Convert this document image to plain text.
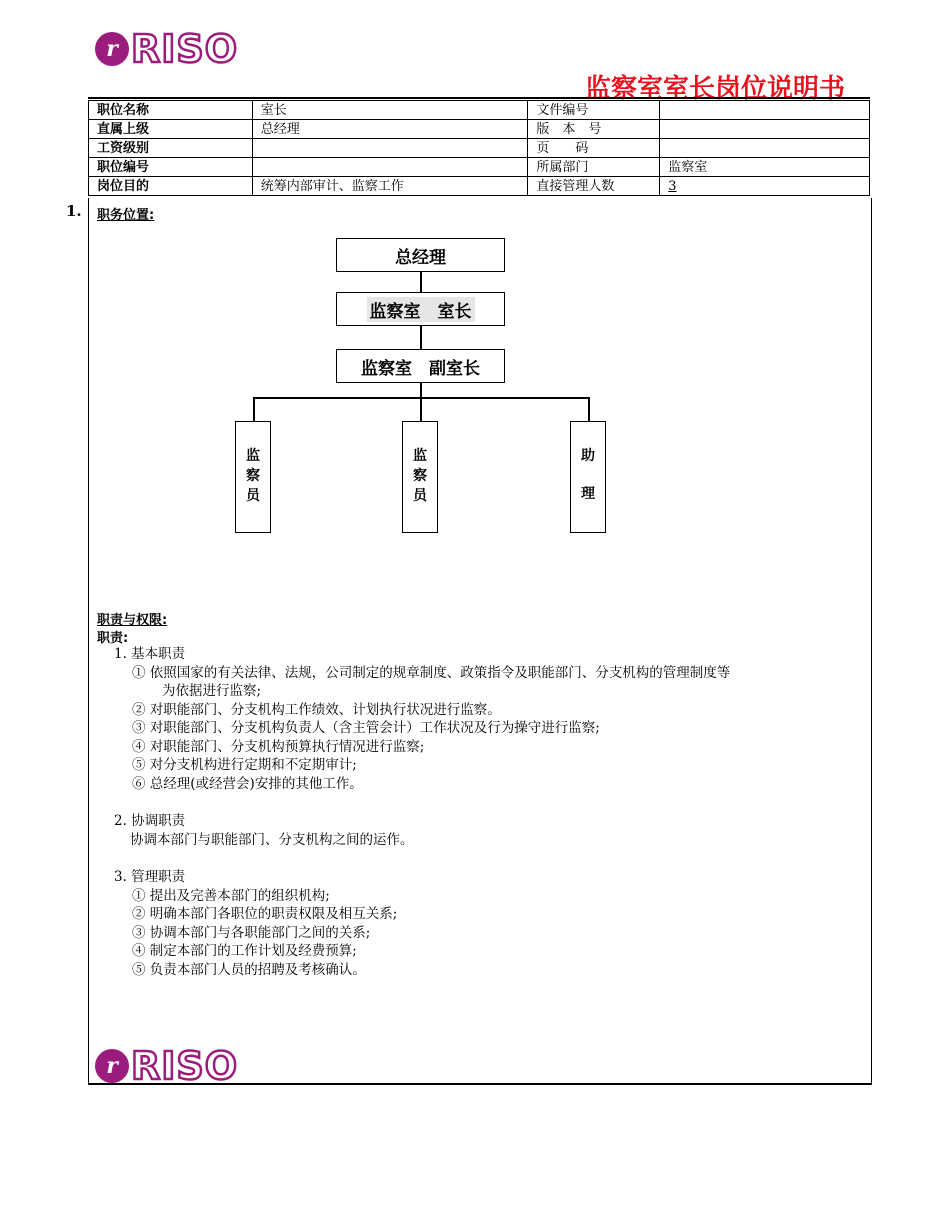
r RISO
监察室室长岗位说明书
职位名称	室长	文件编号	
直属上级	总经理	版　本　号	
工资级别		页　　码	
职位编号		所属部门	监察室
岗位目的	统筹内部审计、监察工作	直接管理人数	3
1. 职务位置:
总经理
监察室　室长
监察室　副室长
监
察
员
监
察
员
助
理
职责与权限:
职责:
1. 基本职责
① 依照国家的有关法律、法规，公司制定的规章制度、政策指令及职能部门、分支机构的管理制度等
为依据进行监察;
② 对职能部门、分支机构工作绩效、计划执行状况进行监察。
③ 对职能部门、分支机构负责人（含主管会计）工作状况及行为操守进行监察;
④ 对职能部门、分支机构预算执行情况进行监察;
⑤ 对分支机构进行定期和不定期审计;
⑥ 总经理(或经营会)安排的其他工作。
2. 协调职责
协调本部门与职能部门、分支机构之间的运作。
3. 管理职责
① 提出及完善本部门的组织机构;
② 明确本部门各职位的职责权限及相互关系;
③ 协调本部门与各职能部门之间的关系;
④ 制定本部门的工作计划及经费预算;
⑤ 负责本部门人员的招聘及考核确认。
r RISO
